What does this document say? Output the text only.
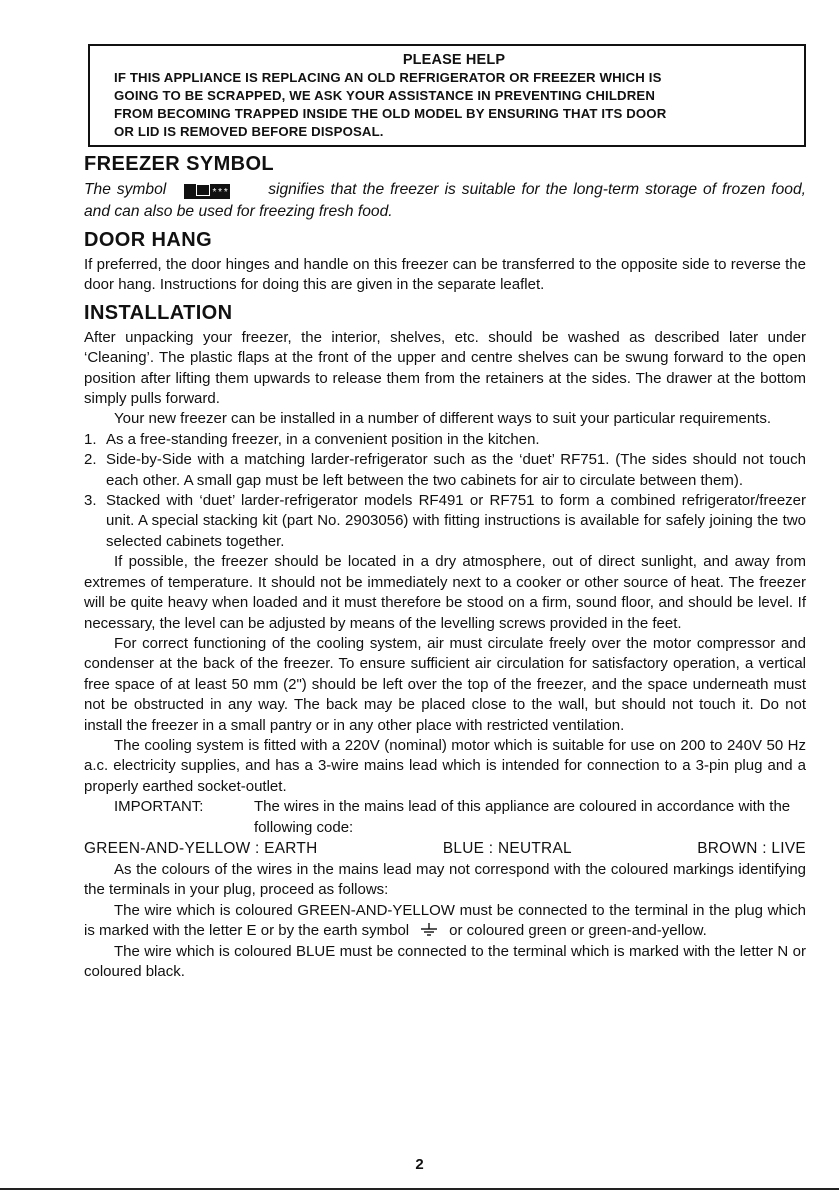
PLEASE HELP
IF THIS APPLIANCE IS REPLACING AN OLD REFRIGERATOR OR FREEZER WHICH IS
GOING TO BE SCRAPPED, WE ASK YOUR ASSISTANCE IN PREVENTING CHILDREN
FROM BECOMING TRAPPED INSIDE THE OLD MODEL BY ENSURING THAT ITS DOOR
OR LID IS REMOVED BEFORE DISPOSAL.
FREEZER SYMBOL

The symbol	* * *	signifies that the freezer is suitable for the long-term storage of frozen food, and can also be used for freezing fresh food.

DOOR HANG

If preferred, the door hinges and handle on this freezer can be transferred to the opposite side to reverse the door hang. Instructions for doing this are given in the separate leaflet.

INSTALLATION

After unpacking your freezer, the interior, shelves, etc. should be washed as described later under ‘Cleaning’. The plastic flaps at the front of the upper and centre shelves can be swung forward to the open position after lifting them upwards to release them from the retainers at the sides. The drawer at the bottom simply pulls forward.

Your new freezer can be installed in a number of different ways to suit your particular requirements.

1. As a free-standing freezer, in a convenient position in the kitchen.
2. Side-by-Side with a matching larder-refrigerator such as the ‘duet’ RF751. (The sides should not touch each other. A small gap must be left between the two cabinets for air to circulate between them).
3. Stacked with ‘duet’ larder-refrigerator models RF491 or RF751 to form a combined refrigerator/freezer unit. A special stacking kit (part No. 2903056) with fitting instructions is available for safely joining the two selected cabinets together.

If possible, the freezer should be located in a dry atmosphere, out of direct sunlight, and away from extremes of temperature. It should not be immediately next to a cooker or other source of heat. The freezer will be quite heavy when loaded and it must therefore be stood on a firm, sound floor, and should be level. If necessary, the level can be adjusted by means of the levelling screws provided in the feet.

For correct functioning of the cooling system, air must circulate freely over the motor compressor and condenser at the back of the freezer. To ensure sufficient air circulation for satisfactory operation, a vertical free space of at least 50 mm (2") should be left over the top of the freezer, and the space underneath must not be obstructed in any way. The back may be placed close to the wall, but should not touch it. Do not install the freezer in a small pantry or in any other place with restricted ventilation.

The cooling system is fitted with a 220V (nominal) motor which is suitable for use on 200 to 240V 50 Hz a.c. electricity supplies, and has a 3-wire mains lead which is intended for connection to a 3-pin plug and a properly earthed socket-outlet.

IMPORTANT:	The wires in the mains lead of this appliance are coloured in accordance with the following code:
GREEN-AND-YELLOW : EARTH	BLUE : NEUTRAL	BROWN : LIVE

As the colours of the wires in the mains lead may not correspond with the coloured markings identifying the terminals in your plug, proceed as follows:

The wire which is coloured GREEN-AND-YELLOW must be connected to the terminal in the plug which is marked with the letter E or by the earth symbol	or coloured green or green-and-yellow.

The wire which is coloured BLUE must be connected to the terminal which is marked with the letter N or coloured black.

2
